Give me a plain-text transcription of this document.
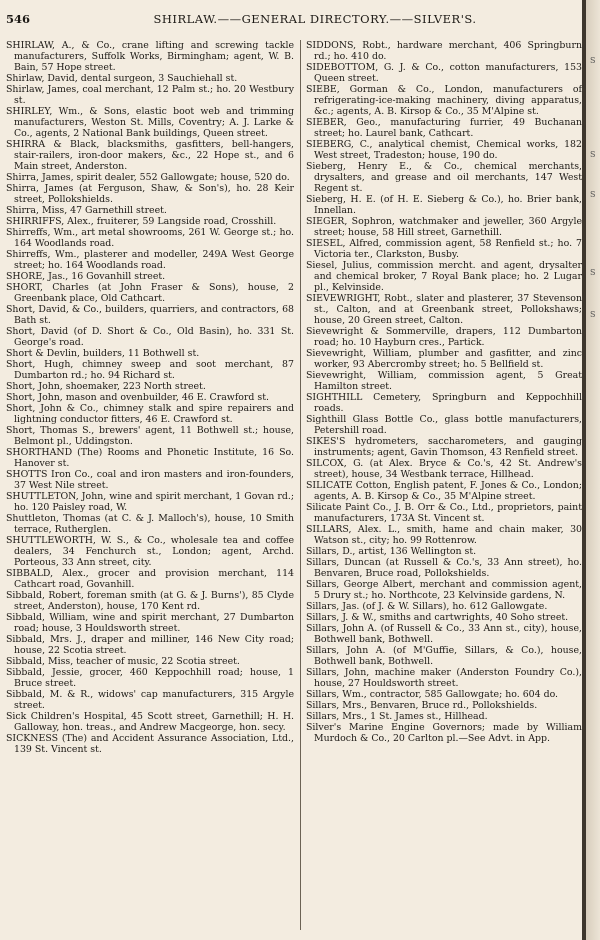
546	SHIRLAW.——GENERAL DIRECTORY.——SILVER'S.

SHIRLAW, A., & Co., crane lifting and screwing tackle manufacturers, Suffolk Works, Birmingham; agent, W. B. Bain, 57 Hope street.

Shirlaw, David, dental surgeon, 3 Sauchiehall st.

Shirlaw, James, coal merchant, 12 Palm st.; ho. 20 Westbury st.

SHIRLEY, Wm., & Sons, elastic boot web and trimming manufacturers, Weston St. Mills, Coventry; A. J. Larke & Co., agents, 2 National Bank buildings, Queen street.

SHIRRA & Black, blacksmiths, gasfitters, bell-hangers, stair-railers, iron-door makers, &c., 22 Hope st., and 6 Main street, Anderston.

Shirra, James, spirit dealer, 552 Gallowgate; house, 520 do.

Shirra, James (at Ferguson, Shaw, & Son's), ho. 28 Keir street, Pollokshields.

Shirra, Miss, 47 Garnethill street.

SHIRRIFFS, Alex., fruiterer, 59 Langside road, Crosshill.

Shirreffs, Wm., art metal showrooms, 261 W. George st.; ho. 164 Woodlands road.

Shirreffs, Wm., plasterer and modeller, 249A West George street; ho. 164 Woodlands road.

SHORE, Jas., 16 Govanhill street.

SHORT, Charles (at John Fraser & Sons), house, 2 Greenbank place, Old Cathcart.

Short, David, & Co., builders, quarriers, and contractors, 68 Bath st.

Short, David (of D. Short & Co., Old Basin), ho. 331 St. George's road.

Short & Devlin, builders, 11 Bothwell st.

Short, Hugh, chimney sweep and soot merchant, 87 Dumbarton rd.; ho. 94 Richard st.

Short, John, shoemaker, 223 North street.

Short, John, mason and ovenbuilder, 46 E. Crawford st.

Short, John & Co., chimney stalk and spire repairers and lightning conductor fitters, 46 E. Crawford st.

Short, Thomas S., brewers' agent, 11 Bothwell st.; house, Belmont pl., Uddingston.

SHORTHAND (The) Rooms and Phonetic Institute, 16 So. Hanover st.

SHOTTS Iron Co., coal and iron masters and iron-founders, 37 West Nile street.

SHUTTLETON, John, wine and spirit merchant, 1 Govan rd.; ho. 120 Paisley road, W.

Shuttleton, Thomas (at C. & J. Malloch's), house, 10 Smith terrace, Rutherglen.

SHUTTLEWORTH, W. S., & Co., wholesale tea and coffee dealers, 34 Fenchurch st., London; agent, Archd. Porteous, 33 Ann street, city.

SIBBALD, Alex., grocer and provision merchant, 114 Cathcart road, Govanhill.

Sibbald, Robert, foreman smith (at G. & J. Burns'), 85 Clyde street, Anderston), house, 170 Kent rd.

Sibbald, William, wine and spirit merchant, 27 Dumbarton road; house, 3 Houldsworth street.

Sibbald, Mrs. J., draper and milliner, 146 New City road; house, 22 Scotia street.

Sibbald, Miss, teacher of music, 22 Scotia street.

Sibbald, Jessie, grocer, 460 Keppochhill road; house, 1 Bruce street.

Sibbald, M. & R., widows' cap manufacturers, 315 Argyle street.

Sick Children's Hospital, 45 Scott street, Garnethill; H. H. Galloway, hon. treas., and Andrew Macgeorge, hon. secy.

SICKNESS (The) and Accident Assurance Association, Ltd., 139 St. Vincent st.

SIDDONS, Robt., hardware merchant, 406 Springburn rd.; ho. 410 do.

SIDEBOTTOM, G. J. & Co., cotton manufacturers, 153 Queen street.

SIEBE, Gorman & Co., London, manufacturers of refrigerating-ice-making machinery, diving apparatus, &c.; agents, A. B. Kirsop & Co., 35 M'Alpine st.

SIEBER, Geo., manufacturing furrier, 49 Buchanan street; ho. Laurel bank, Cathcart.

SIEBERG, C., analytical chemist, Chemical works, 182 West street, Tradeston; house, 190 do.

Sieberg, Henry E., & Co., chemical merchants, drysalters, and grease and oil merchants, 147 West Regent st.

Sieberg, H. E. (of H. E. Sieberg & Co.), ho. Brier bank, Innellan.

SIEGER, Sophron, watchmaker and jeweller, 360 Argyle street; house, 58 Hill street, Garnethill.

SIESEL, Alfred, commission agent, 58 Renfield st.; ho. 7 Victoria ter., Clarkston, Busby.

Siesel, Julius, commission mercht. and agent, drysalter and chemical broker, 7 Royal Bank place; ho. 2 Lugar pl., Kelvinside.

SIEVEWRIGHT, Robt., slater and plasterer, 37 Stevenson st., Calton, and at Greenbank street, Pollokshaws; house, 20 Green street, Calton.

Sievewright & Sommerville, drapers, 112 Dumbarton road; ho. 10 Hayburn cres., Partick.

Sievewright, William, plumber and gasfitter, and zinc worker, 93 Abercromby street; ho. 5 Bellfield st.

Sievewright, William, commission agent, 5 Great Hamilton street.

SIGHTHILL Cemetery, Springburn and Keppochhill roads.

Sighthill Glass Bottle Co., glass bottle manufacturers, Petershill road.

SIKES'S hydrometers, saccharometers, and gauging instruments; agent, Gavin Thomson, 43 Renfield street.

SILCOX, G. (at Alex. Bryce & Co.'s, 42 St. Andrew's street), house, 34 Westbank terrace, Hillhead.

SILICATE Cotton, English patent, F. Jones & Co., London; agents, A. B. Kirsop & Co., 35 M'Alpine street.

Silicate Paint Co., J. B. Orr & Co., Ltd., proprietors, paint manufacturers, 173A St. Vincent st.

SILLARS, Alex. L., smith, hame and chain maker, 30 Watson st., city; ho. 99 Rottenrow.

Sillars, D., artist, 136 Wellington st.

Sillars, Duncan (at Russell & Co.'s, 33 Ann street), ho. Benvaren, Bruce road, Pollokshields.

Sillars, George Albert, merchant and commission agent, 5 Drury st.; ho. Northcote, 23 Kelvinside gardens, N.

Sillars, Jas. (of J. & W. Sillars), ho. 612 Gallowgate.

Sillars, J. & W., smiths and cartwrights, 40 Soho street.

Sillars, John A. (of Russell & Co., 33 Ann st., city), house, Bothwell bank, Bothwell.

Sillars, John A. (of M'Guffie, Sillars, & Co.), house, Bothwell bank, Bothwell.

Sillars, John, machine maker (Anderston Foundry Co.), house, 27 Houldsworth street.

Sillars, Wm., contractor, 585 Gallowgate; ho. 604 do.

Sillars, Mrs., Benvaren, Bruce rd., Pollokshields.

Sillars, Mrs., 1 St. James st., Hillhead.

Silver's Marine Engine Governors; made by William Murdoch & Co., 20 Carlton pl.—See Advt. in App.

S
S
S
S
S
